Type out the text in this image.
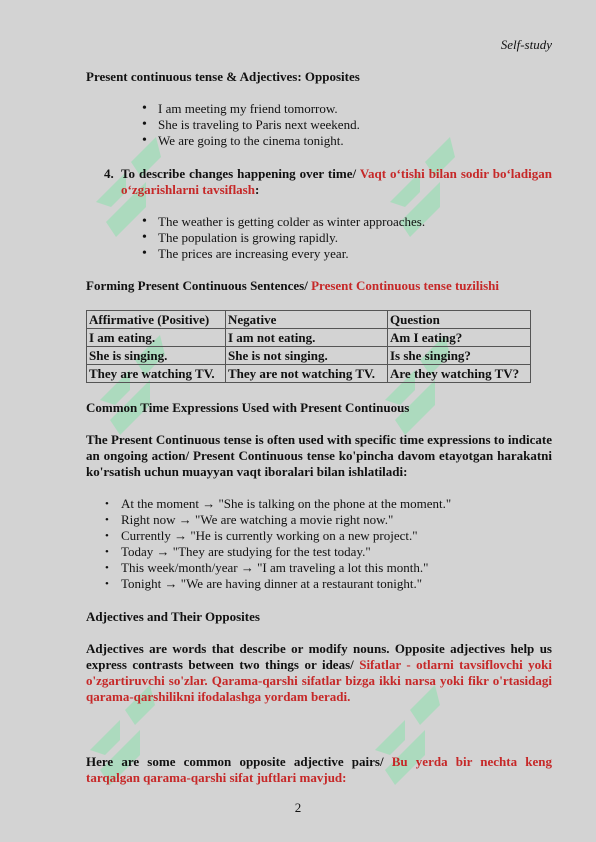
Self-study
Present continuous tense & Adjectives: Opposites
• I am meeting my friend tomorrow.
• She is traveling to Paris next weekend.
• We are going to the cinema tonight.
4. To describe changes happening over time/ Vaqt o‘tishi bilan sodir bo‘ladigan o‘zgarishlarni tavsiflash:
• The weather is getting colder as winter approaches.
• The population is growing rapidly.
• The prices are increasing every year.
Forming Present Continuous Sentences/ Present Continuous tense tuzilishi
Affirmative (Positive)	Negative	Question
I am eating.	I am not eating.	Am I eating?
She is singing.	She is not singing.	Is she singing?
They are watching TV.	They are not watching TV.	Are they watching TV?
Common Time Expressions Used with Present Continuous
The Present Continuous tense is often used with specific time expressions to indicate an ongoing action/ Present Continuous tense ko'pincha davom etayotgan harakatni ko'rsatish uchun muayyan vaqt iboralari bilan ishlatiladi:
• At the moment → "She is talking on the phone at the moment."
• Right now → "We are watching a movie right now."
• Currently → "He is currently working on a new project."
• Today → "They are studying for the test today."
• This week/month/year → "I am traveling a lot this month."
• Tonight → "We are having dinner at a restaurant tonight."
Adjectives and Their Opposites
Adjectives are words that describe or modify nouns. Opposite adjectives help us express contrasts between two things or ideas/ Sifatlar - otlarni tavsiflovchi yoki o'zgartiruvchi so'zlar. Qarama-qarshi sifatlar bizga ikki narsa yoki fikr o'rtasidagi qarama-qarshilikni ifodalashga yordam beradi.
Here are some common opposite adjective pairs/ Bu yerda bir nechta keng tarqalgan qarama-qarshi sifat juftlari mavjud:
2
